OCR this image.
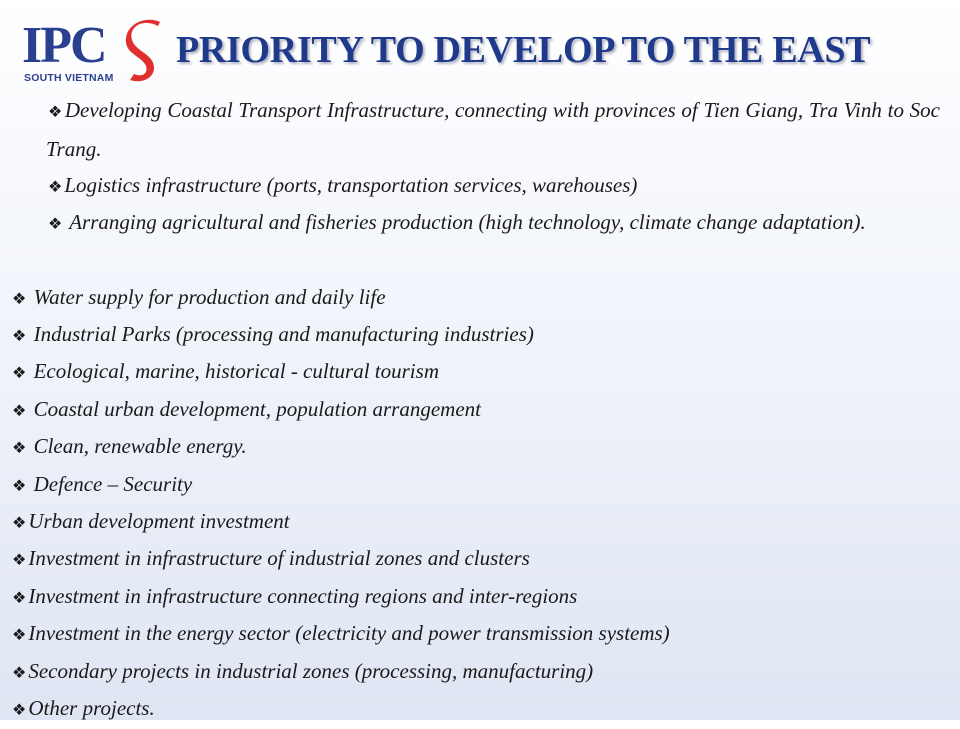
IPC
SOUTH VIETNAM
PRIORITY TO DEVELOP TO THE EAST
❖Developing Coastal Transport Infrastructure, connecting with provinces of Tien Giang, Tra Vinh to Soc Trang.
❖Logistics infrastructure (ports, transportation services, warehouses)
❖ Arranging agricultural and fisheries production (high technology, climate change adaptation).
❖ Water supply for production and daily life
❖ Industrial Parks (processing and manufacturing industries)
❖ Ecological, marine, historical - cultural tourism
❖ Coastal urban development, population arrangement
❖ Clean, renewable energy.
❖ Defence – Security
❖Urban development investment
❖Investment in infrastructure of industrial zones and clusters
❖Investment in infrastructure connecting regions and inter-regions
❖Investment in the energy sector (electricity and power transmission systems)
❖Secondary projects in industrial zones (processing, manufacturing)
❖Other projects.
